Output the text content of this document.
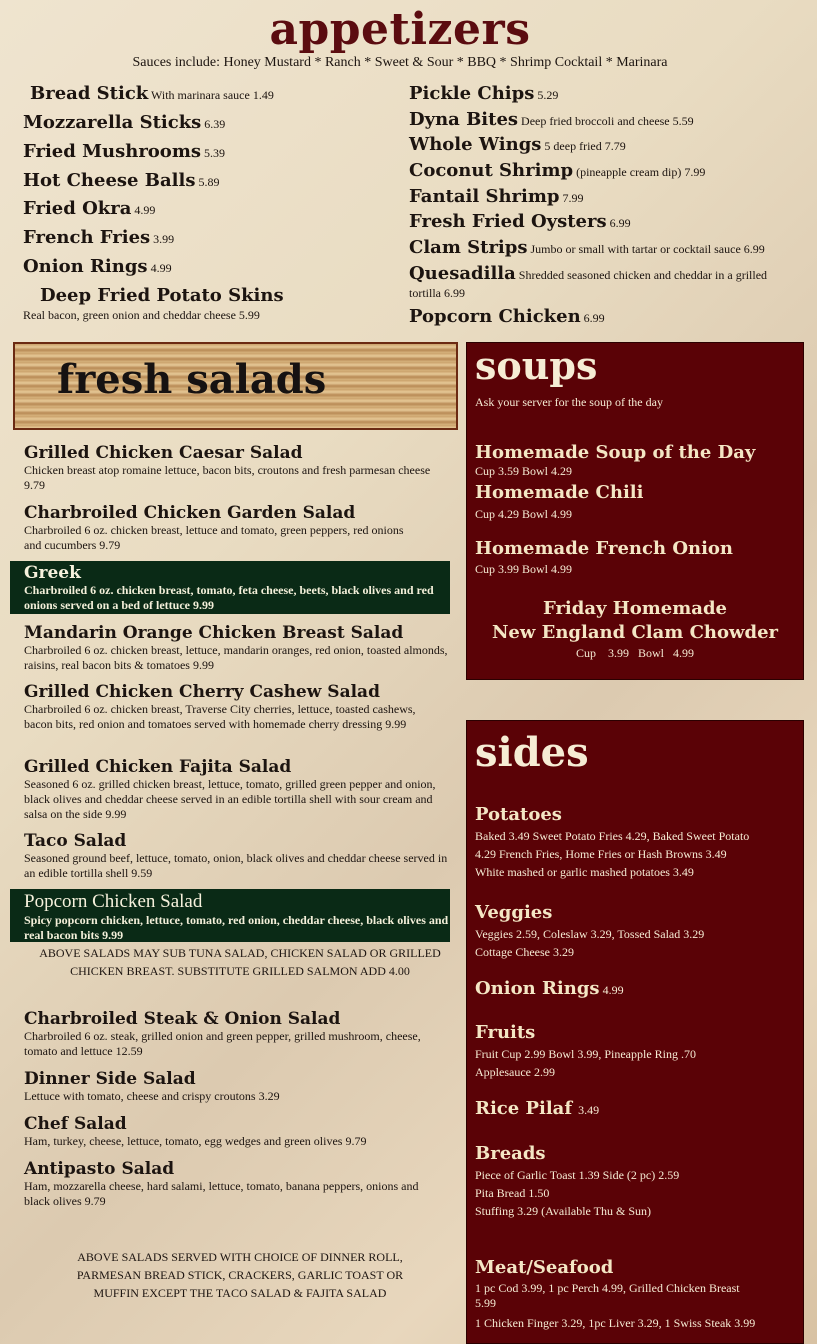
appetizers
Sauces include: Honey Mustard * Ranch * Sweet & Sour * BBQ * Shrimp Cocktail * Marinara
Bread Stick With marinara sauce 1.49
Mozzarella Sticks 6.39
Fried Mushrooms 5.39
Hot Cheese Balls 5.89
Fried Okra 4.99
French Fries 3.99
Onion Rings 4.99
Deep Fried Potato Skins
Real bacon, green onion and cheddar cheese 5.99
Pickle Chips 5.29
Dyna Bites Deep fried broccoli and cheese 5.59
Whole Wings 5 deep fried 7.79
Coconut Shrimp (pineapple cream dip) 7.99
Fantail Shrimp 7.99
Fresh Fried Oysters 6.99
Clam Strips Jumbo or small with tartar or cocktail sauce 6.99
Quesadilla Shredded seasoned chicken and cheddar in a grilled
tortilla 6.99
Popcorn Chicken 6.99
fresh salads
Grilled Chicken Caesar Salad
Chicken breast atop romaine lettuce, bacon bits, croutons and fresh parmesan cheese 9.79
Charbroiled Chicken Garden Salad
Charbroiled 6 oz. chicken breast, lettuce and tomato, green peppers, red onions and cucumbers 9.79
Greek
Charbroiled 6 oz. chicken breast, tomato, feta cheese, beets, black olives and red onions served on a bed of lettuce 9.99
Mandarin Orange Chicken Breast Salad
Charbroiled 6 oz. chicken breast, lettuce, mandarin oranges, red onion, toasted almonds, raisins, real bacon bits & tomatoes 9.99
Grilled Chicken Cherry Cashew Salad
Charbroiled 6 oz. chicken breast, Traverse City cherries, lettuce, toasted cashews, bacon bits, red onion and tomatoes served with homemade cherry dressing 9.99
Grilled Chicken Fajita Salad
Seasoned 6 oz. grilled chicken breast, lettuce, tomato, grilled green pepper and onion, black olives and cheddar cheese served in an edible tortilla shell with sour cream and salsa on the side 9.99
Taco Salad
Seasoned ground beef, lettuce, tomato, onion, black olives and cheddar cheese served in an edible tortilla shell 9.59
Popcorn Chicken Salad
Spicy popcorn chicken, lettuce, tomato, red onion, cheddar cheese, black olives and real bacon bits 9.99
ABOVE SALADS MAY SUB TUNA SALAD, CHICKEN SALAD OR GRILLED CHICKEN BREAST. SUBSTITUTE GRILLED SALMON ADD 4.00
Charbroiled Steak & Onion Salad
Charbroiled 6 oz. steak, grilled onion and green pepper, grilled mushroom, cheese, tomato and lettuce 12.59
Dinner Side Salad
Lettuce with tomato, cheese and crispy croutons 3.29
Chef Salad
Ham, turkey, cheese, lettuce, tomato, egg wedges and green olives 9.79
Antipasto Salad
Ham, mozzarella cheese, hard salami, lettuce, tomato, banana peppers, onions and black olives 9.79
ABOVE SALADS SERVED WITH CHOICE OF DINNER ROLL, PARMESAN BREAD STICK, CRACKERS, GARLIC TOAST OR MUFFIN EXCEPT THE TACO SALAD & FAJITA SALAD
soups
Ask your server for the soup of the day
Homemade Soup of the Day
Cup 3.59 Bowl 4.29
Homemade Chili
Cup 4.29 Bowl 4.99
Homemade French Onion
Cup 3.99 Bowl 4.99
Friday Homemade
New England Clam Chowder
Cup    3.99   Bowl   4.99
sides
Potatoes
Baked 3.49 Sweet Potato Fries 4.29, Baked Sweet Potato
4.29 French Fries, Home Fries or Hash Browns 3.49
White mashed or garlic mashed potatoes 3.49
Veggies
Veggies 2.59, Coleslaw 3.29, Tossed Salad 3.29
Cottage Cheese 3.29
Onion Rings 4.99
Fruits
Fruit Cup 2.99 Bowl 3.99, Pineapple Ring .70
Applesauce 2.99
Rice Pilaf  3.49
Breads
Piece of Garlic Toast 1.39 Side (2 pc) 2.59
Pita Bread 1.50
Stuffing 3.29 (Available Thu & Sun)
Meat/Seafood
1 pc Cod 3.99, 1 pc Perch 4.99, Grilled Chicken Breast
5.99
1 Chicken Finger 3.29, 1pc Liver 3.29, 1 Swiss Steak 3.99
